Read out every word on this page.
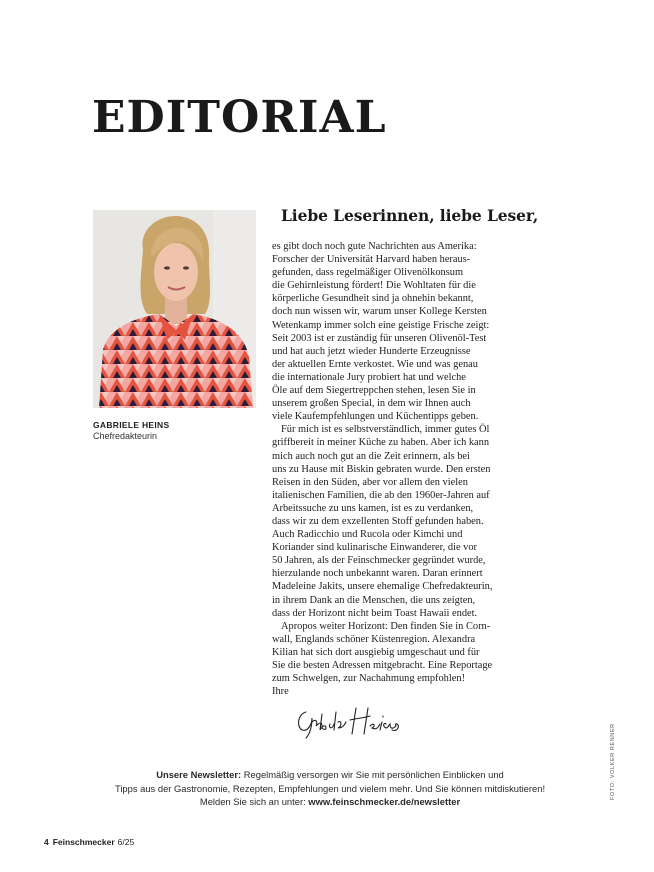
EDITORIAL
GABRIELE HEINS
Chefredakteurin
Liebe Leserinnen, liebe Leser,
es gibt doch noch gute Nachrichten aus Amerika:
Forscher der Universität Harvard haben heraus-
gefunden, dass regelmäßiger Olivenölkonsum
die Gehirnleistung fördert! Die Wohltaten für die
körperliche Gesundheit sind ja ohnehin bekannt,
doch nun wissen wir, warum unser Kollege Kersten
Wetenkamp immer solch eine geistige Frische zeigt:
Seit 2003 ist er zuständig für unseren Olivenöl-Test
und hat auch jetzt wieder Hunderte Erzeugnisse
der aktuellen Ernte verkostet. Wie und was genau
die internationale Jury probiert hat und welche
Öle auf dem Siegertreppchen stehen, lesen Sie in
unserem großen Special, in dem wir Ihnen auch
viele Kaufempfehlungen und Küchentipps geben.
Für mich ist es selbstverständlich, immer gutes Öl
griffbereit in meiner Küche zu haben. Aber ich kann
mich auch noch gut an die Zeit erinnern, als bei
uns zu Hause mit Biskin gebraten wurde. Den ersten
Reisen in den Süden, aber vor allem den vielen
italienischen Familien, die ab den 1960er-Jahren auf
Arbeitssuche zu uns kamen, ist es zu verdanken,
dass wir zu dem exzellenten Stoff gefunden haben.
Auch Radicchio und Rucola oder Kimchi und
Koriander sind kulinarische Einwanderer, die vor
50 Jahren, als der Feinschmecker gegründet wurde,
hierzulande noch unbekannt waren. Daran erinnert
Madeleine Jakits, unsere ehemalige Chefredakteurin,
in ihrem Dank an die Menschen, die uns zeigten,
dass der Horizont nicht beim Toast Hawaii endet.
Apropos weiter Horizont: Den finden Sie in Corn-
wall, Englands schöner Küstenregion. Alexandra
Kilian hat sich dort ausgiebig umgeschaut und für
Sie die besten Adressen mitgebracht. Eine Reportage
zum Schwelgen, zur Nachahmung empfohlen!
Ihre
FOTO: VOLKER RENNER
Unsere Newsletter: Regelmäßig versorgen wir Sie mit persönlichen Einblicken und
Tipps aus der Gastronomie, Rezepten, Empfehlungen und vielem mehr. Und Sie können mitdiskutieren!
Melden Sie sich an unter: www.feinschmecker.de/newsletter
4 Feinschmecker 6/25
